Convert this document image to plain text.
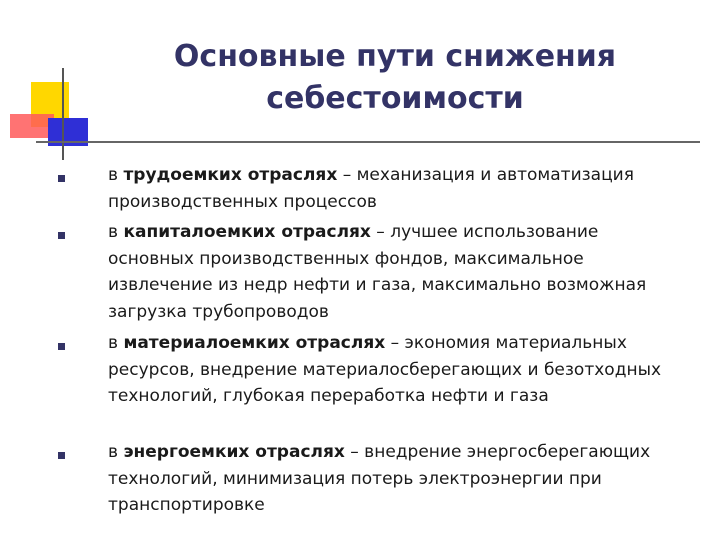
Основные пути снижения
себестоимости
в трудоемких отраслях – механизация и автоматизация производственных процессов
в капиталоемких отраслях – лучшее использование основных производственных фондов, максимальное извлечение из недр нефти и газа, максимально возможная загрузка трубопроводов
в материалоемких отраслях – экономия материальных ресурсов, внедрение материалосберегающих и безотходных технологий, глубокая переработка нефти и газа
в энергоемких отраслях – внедрение энергосберегающих технологий, минимизация потерь электроэнергии при транспортировке
